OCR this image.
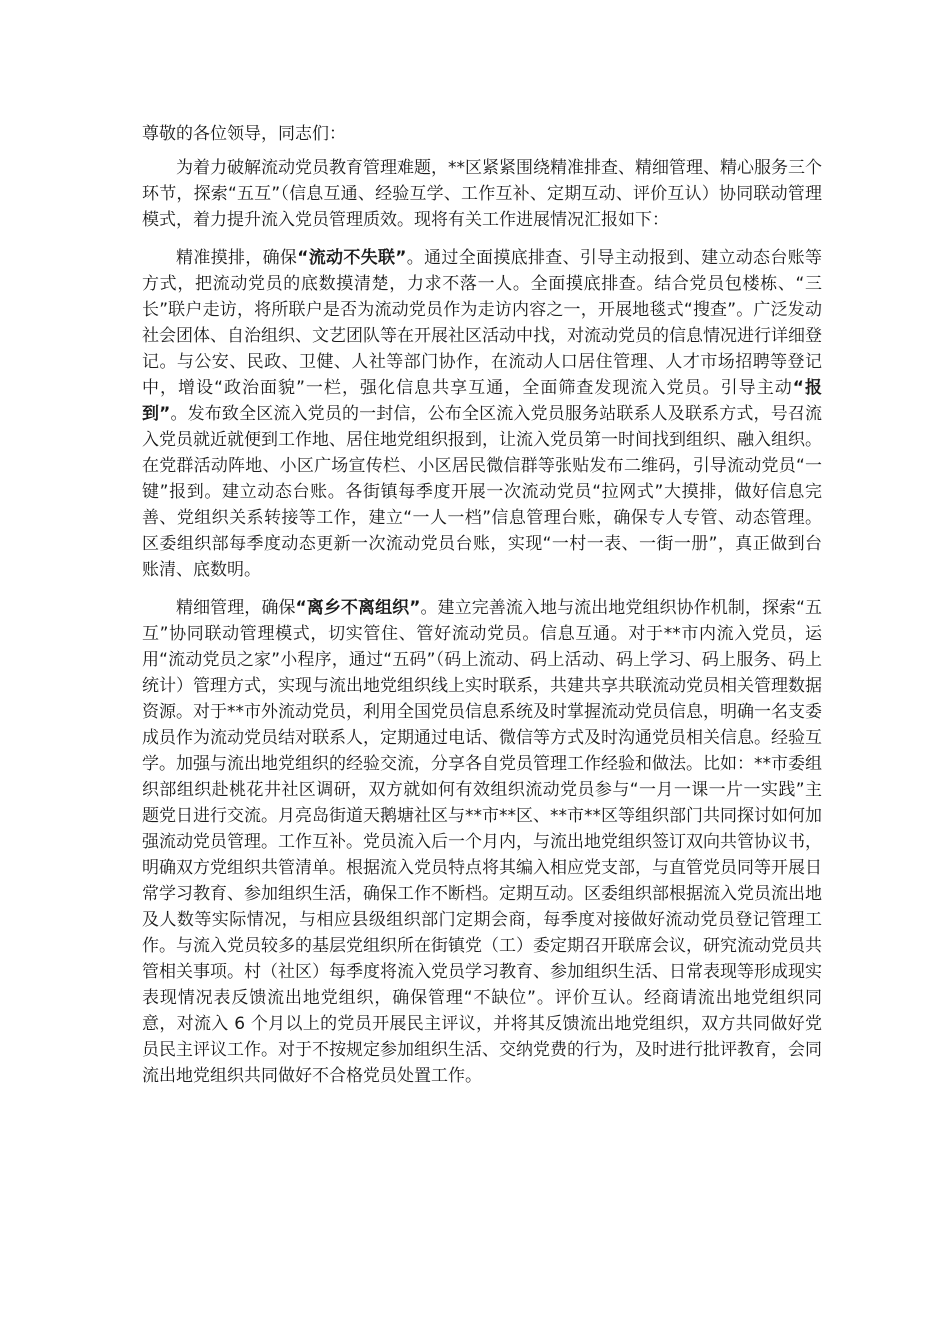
尊敬的各位领导，同志们：

为着力破解流动党员教育管理难题，**区紧紧围绕精准排查、精细管理、精心服务三个环节，探索“五互”（信息互通、经验互学、工作互补、定期互动、评价互认）协同联动管理模式，着力提升流入党员管理质效。现将有关工作进展情况汇报如下：

精准摸排，确保“流动不失联”。通过全面摸底排查、引导主动报到、建立动态台账等方式，把流动党员的底数摸清楚，力求不落一人。全面摸底排查。结合党员包楼栋、“三长”联户走访，将所联户是否为流动党员作为走访内容之一，开展地毯式“搜查”。广泛发动社会团体、自治组织、文艺团队等在开展社区活动中找，对流动党员的信息情况进行详细登记。与公安、民政、卫健、人社等部门协作，在流动人口居住管理、人才市场招聘等登记中，增设“政治面貌”一栏，强化信息共享互通，全面筛查发现流入党员。引导主动“报到”。发布致全区流入党员的一封信，公布全区流入党员服务站联系人及联系方式，号召流入党员就近就便到工作地、居住地党组织报到，让流入党员第一时间找到组织、融入组织。在党群活动阵地、小区广场宣传栏、小区居民微信群等张贴发布二维码，引导流动党员“一键”报到。建立动态台账。各街镇每季度开展一次流动党员“拉网式”大摸排，做好信息完善、党组织关系转接等工作，建立“一人一档”信息管理台账，确保专人专管、动态管理。区委组织部每季度动态更新一次流动党员台账，实现“一村一表、一街一册”，真正做到台账清、底数明。

精细管理，确保“离乡不离组织”。建立完善流入地与流出地党组织协作机制，探索“五互”协同联动管理模式，切实管住、管好流动党员。信息互通。对于**市内流入党员，运用“流动党员之家”小程序，通过“五码”（码上流动、码上活动、码上学习、码上服务、码上统计）管理方式，实现与流出地党组织线上实时联系，共建共享共联流动党员相关管理数据资源。对于**市外流动党员，利用全国党员信息系统及时掌握流动党员信息，明确一名支委成员作为流动党员结对联系人，定期通过电话、微信等方式及时沟通党员相关信息。经验互学。加强与流出地党组织的经验交流，分享各自党员管理工作经验和做法。比如：**市委组织部组织赴桃花井社区调研，双方就如何有效组织流动党员参与“一月一课一片一实践”主题党日进行交流。月亮岛街道天鹅塘社区与**市**区、**市**区等组织部门共同探讨如何加强流动党员管理。工作互补。党员流入后一个月内，与流出地党组织签订双向共管协议书，明确双方党组织共管清单。根据流入党员特点将其编入相应党支部，与直管党员同等开展日常学习教育、参加组织生活，确保工作不断档。定期互动。区委组织部根据流入党员流出地及人数等实际情况，与相应县级组织部门定期会商，每季度对接做好流动党员登记管理工作。与流入党员较多的基层党组织所在街镇党（工）委定期召开联席会议，研究流动党员共管相关事项。村（社区）每季度将流入党员学习教育、参加组织生活、日常表现等形成现实表现情况表反馈流出地党组织，确保管理“不缺位”。评价互认。经商请流出地党组织同意，对流入 6 个月以上的党员开展民主评议，并将其反馈流出地党组织，双方共同做好党员民主评议工作。对于不按规定参加组织生活、交纳党费的行为，及时进行批评教育，会同流出地党组织共同做好不合格党员处置工作。
